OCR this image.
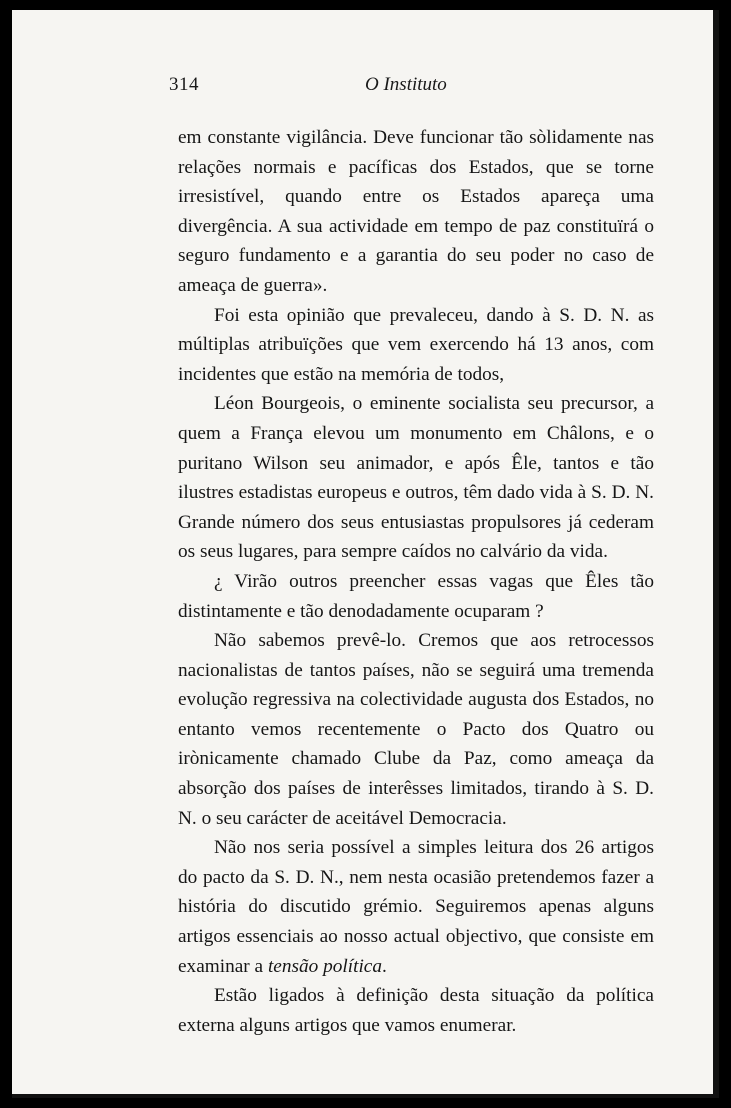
314	O Instituto

em constante vigilância. Deve funcionar tão sòlidamente nas relações normais e pacíficas dos Estados, que se torne irresistível, quando entre os Estados apareça uma divergência. A sua actividade em tempo de paz constituïrá o seguro fundamento e a garantia do seu poder no caso de ameaça de guerra».

Foi esta opinião que prevaleceu, dando à S. D. N. as múltiplas atribuïções que vem exercendo há 13 anos, com incidentes que estão na memória de todos,

Léon Bourgeois, o eminente socialista seu precursor, a quem a França elevou um monumento em Châlons, e o puritano Wilson seu animador, e após Êle, tantos e tão ilustres estadistas europeus e outros, têm dado vida à S. D. N. Grande número dos seus entusiastas propulsores já cederam os seus lugares, para sempre caídos no calvário da vida.

¿ Virão outros preencher essas vagas que Êles tão distintamente e tão denodadamente ocuparam ?

Não sabemos prevê-lo. Cremos que aos retrocessos nacionalistas de tantos países, não se seguirá uma tremenda evolução regressiva na colectividade augusta dos Estados, no entanto vemos recentemente o Pacto dos Quatro ou irònicamente chamado Clube da Paz, como ameaça da absorção dos países de interêsses limitados, tirando à S. D. N. o seu carácter de aceitável Democracia.

Não nos seria possível a simples leitura dos 26 artigos do pacto da S. D. N., nem nesta ocasião pretendemos fazer a história do discutido grémio. Seguiremos apenas alguns artigos essenciais ao nosso actual objectivo, que consiste em examinar a tensão política.

Estão ligados à definição desta situação da política externa alguns artigos que vamos enumerar.
